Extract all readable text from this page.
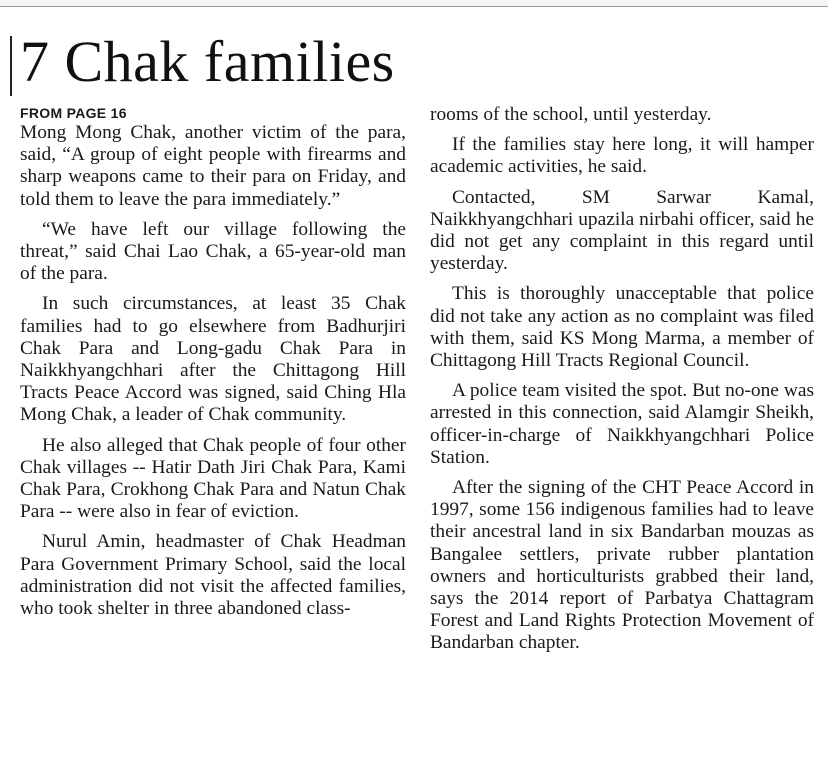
7 Chak families

FROM PAGE 16

Mong Mong Chak, another victim of the para, said, “A group of eight people with firearms and sharp weapons came to their para on Friday, and told them to leave the para immediately.”

“We have left our village following the threat,” said Chai Lao Chak, a 65-year-old man of the para.

In such circumstances, at least 35 Chak families had to go elsewhere from Badhurjiri Chak Para and Long-gadu Chak Para in Naikkhyangchhari after the Chittagong Hill Tracts Peace Accord was signed, said Ching Hla Mong Chak, a leader of Chak community.

He also alleged that Chak people of four other Chak villages -- Hatir Dath Jiri Chak Para, Kami Chak Para, Crokhong Chak Para and Natun Chak Para -- were also in fear of eviction.

Nurul Amin, headmaster of Chak Headman Para Government Primary School, said the local administration did not visit the affected families, who took shelter in three abandoned class-

rooms of the school, until yesterday.

If the families stay here long, it will hamper academic activities, he said.

Contacted, SM Sarwar Kamal, Naikkhyangchhari upazila nirbahi officer, said he did not get any complaint in this regard until yesterday.

This is thoroughly unacceptable that police did not take any action as no complaint was filed with them, said KS Mong Marma, a member of Chittagong Hill Tracts Regional Council.

A police team visited the spot. But no-one was arrested in this connection, said Alamgir Sheikh, officer-in-charge of Naikkhyangchhari Police Station.

After the signing of the CHT Peace Accord in 1997, some 156 indigenous families had to leave their ancestral land in six Bandarban mouzas as Bangalee settlers, private rubber plantation owners and horticulturists grabbed their land, says the 2014 report of Parbatya Chattagram Forest and Land Rights Protection Movement of Bandarban chapter.
